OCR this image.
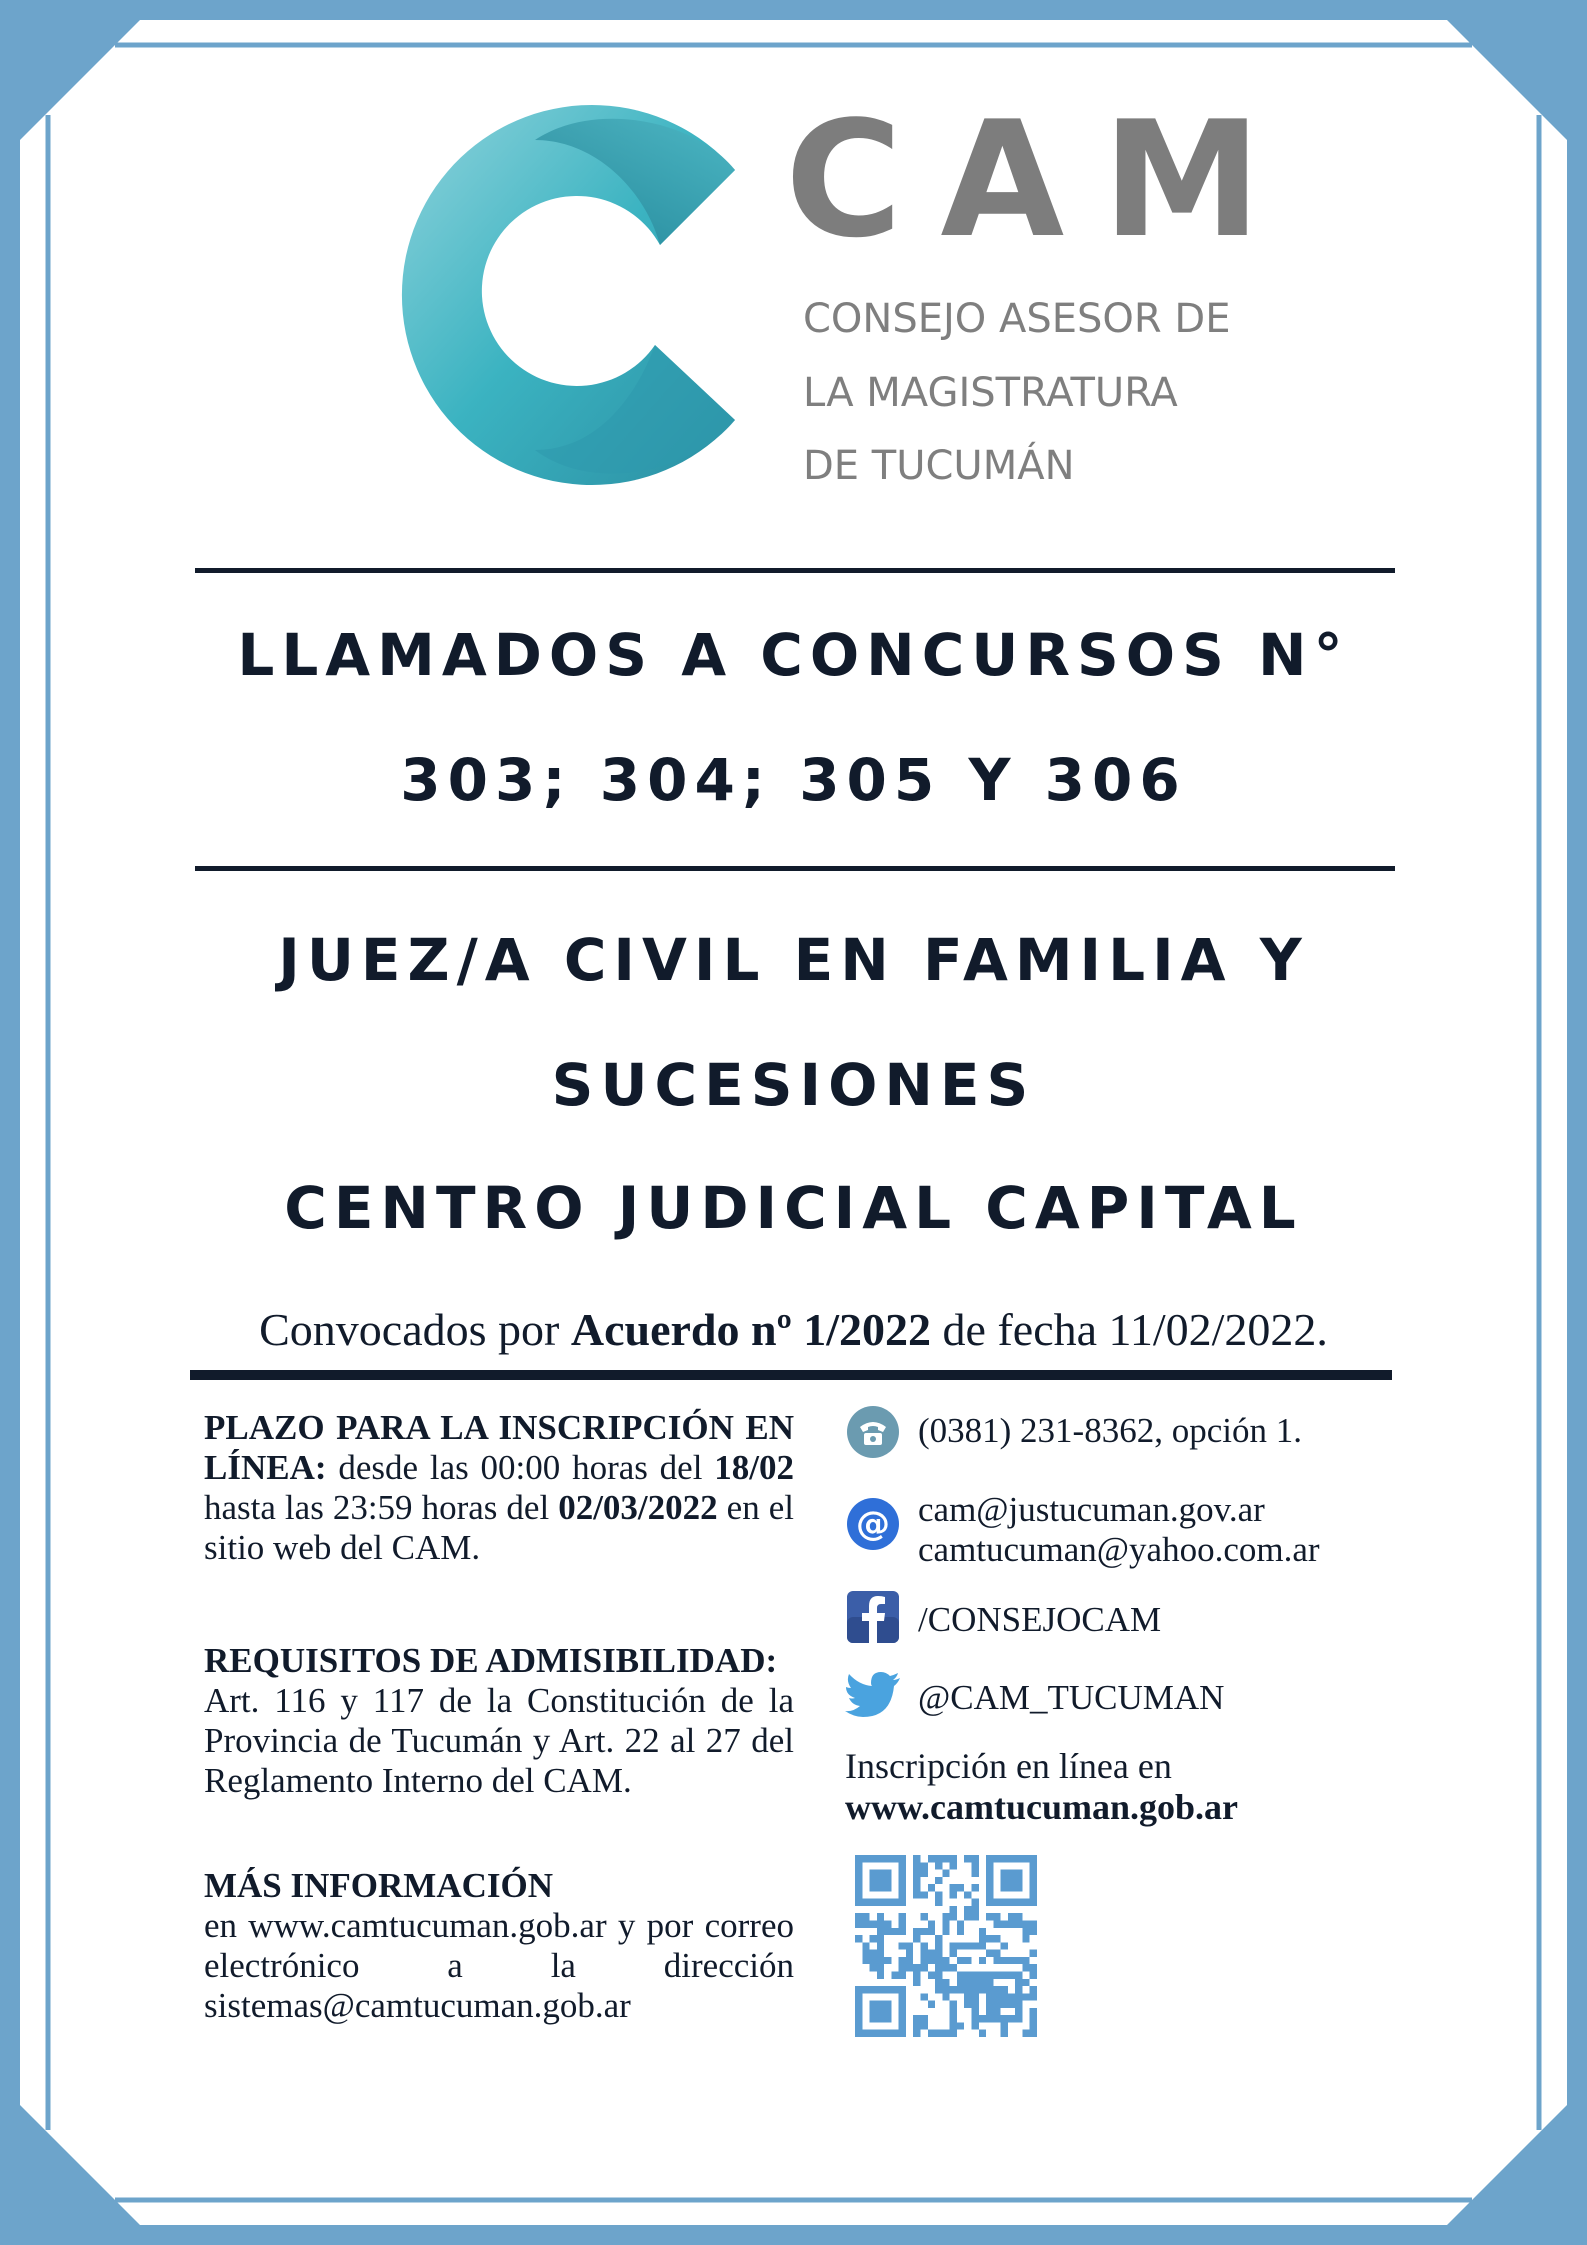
CAM
CONSEJO ASESOR DE
LA MAGISTRATURA
DE TUCUMÁN
LLAMADOS A CONCURSOS N°
303; 304; 305 Y 306
JUEZ/A CIVIL EN FAMILIA Y
SUCESIONES
CENTRO JUDICIAL CAPITAL
Convocados por Acuerdo nº 1/2022 de fecha 11/02/2022.
PLAZO PARA LA INSCRIPCIÓN EN LÍNEA: desde las 00:00 horas del 18/02 hasta las 23:59 horas del 02/03/2022 en el sitio web del CAM.
REQUISITOS DE ADMISIBILIDAD:
Art. 116 y 117 de la Constitución de la Provincia de Tucumán y Art. 22 al 27 del Reglamento Interno del CAM.
MÁS INFORMACIÓN
en www.camtucuman.gob.ar y por correo electrónico a la dirección sistemas@camtucuman.gob.ar
(0381) 231-8362, opción 1.
@ cam@justucuman.gov.ar
camtucuman@yahoo.com.ar
/CONSEJOCAM
@CAM_TUCUMAN
Inscripción en línea en
www.camtucuman.gob.ar
